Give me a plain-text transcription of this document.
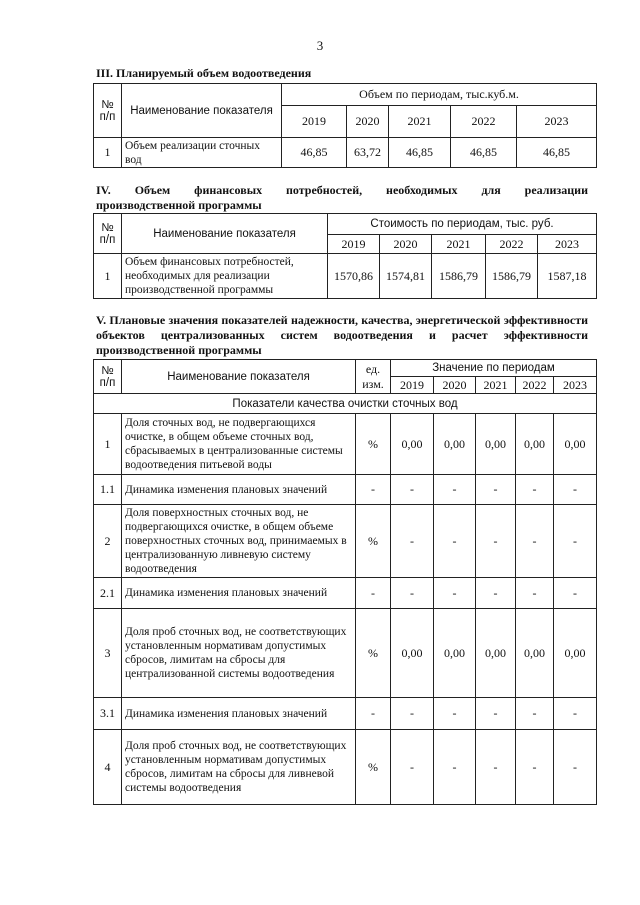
3
III. Планируемый объем водоотведения
№ п/п	Наименование показателя	Объем по периодам, тыс.куб.м.				
		2019	2020	2021	2022	2023
1	Объем реализации сточных вод	46,85	63,72	46,85	46,85	46,85
IV. Объем финансовых потребностей, необходимых для реализации
производственной программы
№ п/п	Наименование показателя	Стоимость по периодам, тыс. руб.				
		2019	2020	2021	2022	2023
1	Объем финансовых потребностей, необходимых для реализации производственной программы	1570,86	1574,81	1586,79	1586,79	1587,18
V. Плановые значения показателей надежности, качества, энергетической эффективности объектов централизованных систем водоотведения и расчет эффективности производственной программы
№ п/п	Наименование показателя	ед. изм.	Значение по периодам				
			2019	2020	2021	2022	2023
Показатели качества очистки сточных вод							
1	Доля сточных вод, не подвергающихся очистке, в общем объеме сточных вод, сбрасываемых в централизованные системы водоотведения питьевой воды	%	0,00	0,00	0,00	0,00	0,00
1.1	Динамика изменения плановых значений	-	-	-	-	-	-
2	Доля поверхностных сточных вод, не подвергающихся очистке, в общем объеме поверхностных сточных вод, принимаемых в централизованную ливневую систему водоотведения	%	-	-	-	-	-
2.1	Динамика изменения плановых значений	-	-	-	-	-	-
3	Доля проб сточных вод, не соответствующих установленным нормативам допустимых сбросов, лимитам на сбросы для централизованной системы водоотведения	%	0,00	0,00	0,00	0,00	0,00
3.1	Динамика изменения плановых значений	-	-	-	-	-	-
4	Доля проб сточных вод, не соответствующих установленным нормативам допустимых сбросов, лимитам на сбросы для ливневой системы водоотведения	%	-	-	-	-	-
